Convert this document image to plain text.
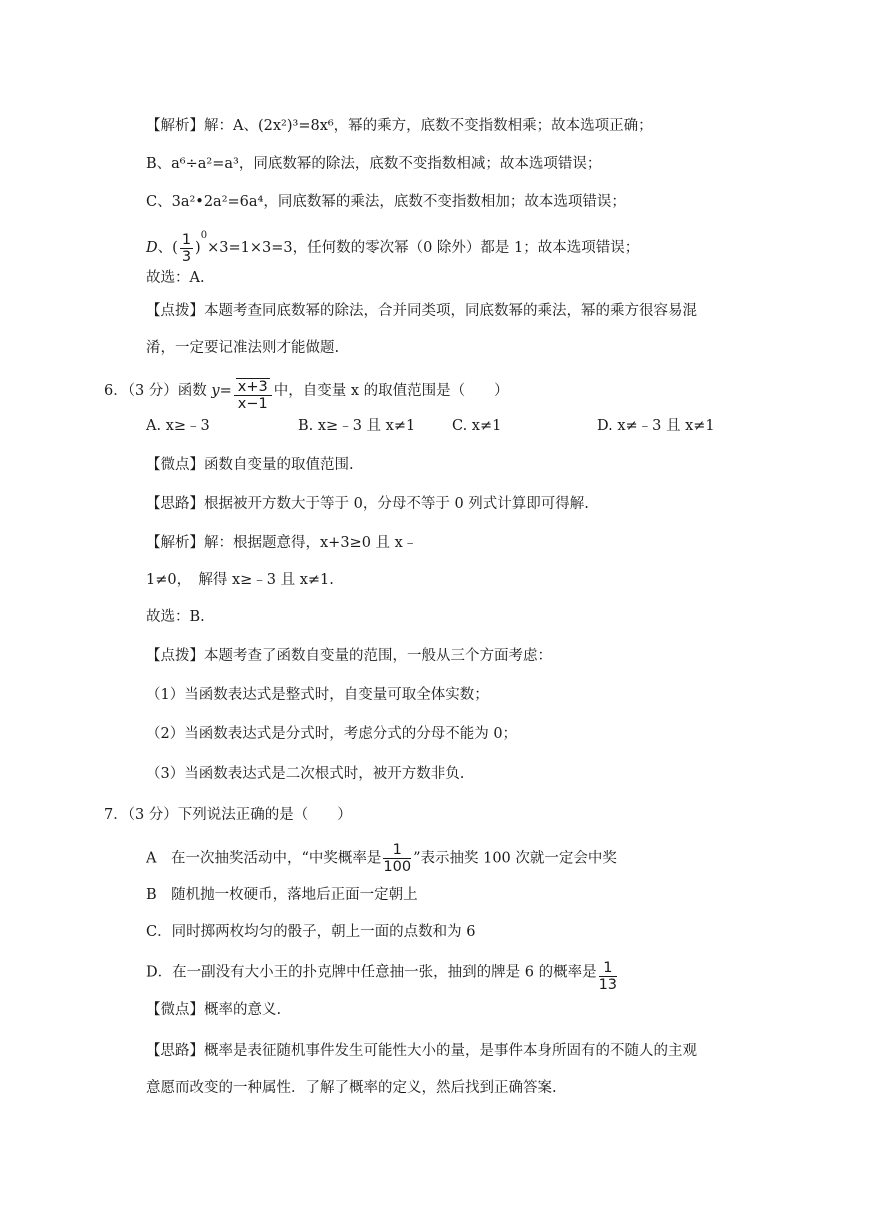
【解析】解：A、(2x²)³=8x⁶，幂的乘方，底数不变指数相乘；故本选项正确；
B、a⁶÷a²=a³，同底数幂的除法，底数不变指数相减；故本选项错误；
C、3a²•2a²=6a⁴，同底数幂的乘法，底数不变指数相加；故本选项错误；
D、( $\frac{1}{3} )^0\times 3=1\times 3=3$，任何数的零次幂（0 除外）都是 1；故本选项错误；
故选：A.
【点拨】本题考查同底数幂的除法，合并同类项，同底数幂的乘法，幂的乘方很容易混
淆，一定要记准法则才能做题.
6．（3 分）函数 $y= \frac{x+3}{x-1}$ 中，自变量 x 的取值范围是（　　）
A. x≥﹣3	B. x≥﹣3 且 x≠1	C. x≠1	D. x≠﹣3 且 x≠1
【微点】函数自变量的取值范围.
【思路】根据被开方数大于等于 0，分母不等于 0 列式计算即可得解.
【解析】解：根据题意得，x+3≥0 且 x﹣
1≠0，　解得 x≥﹣3 且 x≠1.
故选：B.
【点拨】本题考查了函数自变量的范围，一般从三个方面考虑：
（1）当函数表达式是整式时，自变量可取全体实数；
（2）当函数表达式是分式时，考虑分式的分母不能为 0；
（3）当函数表达式是二次根式时，被开方数非负.
7．（3 分）下列说法正确的是（　　）
A　在一次抽奖活动中，“中奖概率是 $\frac{1}{100}$ ”表示抽奖 100 次就一定会中奖
B　随机抛一枚硬币，落地后正面一定朝上
C．同时掷两枚均匀的骰子，朝上一面的点数和为 6
D．在一副没有大小王的扑克牌中任意抽一张，抽到的牌是 6 的概率是 $\frac{1}{13}$
【微点】概率的意义.
【思路】概率是表征随机事件发生可能性大小的量，是事件本身所固有的不随人的主观
意愿而改变的一种属性．了解了概率的定义，然后找到正确答案.
